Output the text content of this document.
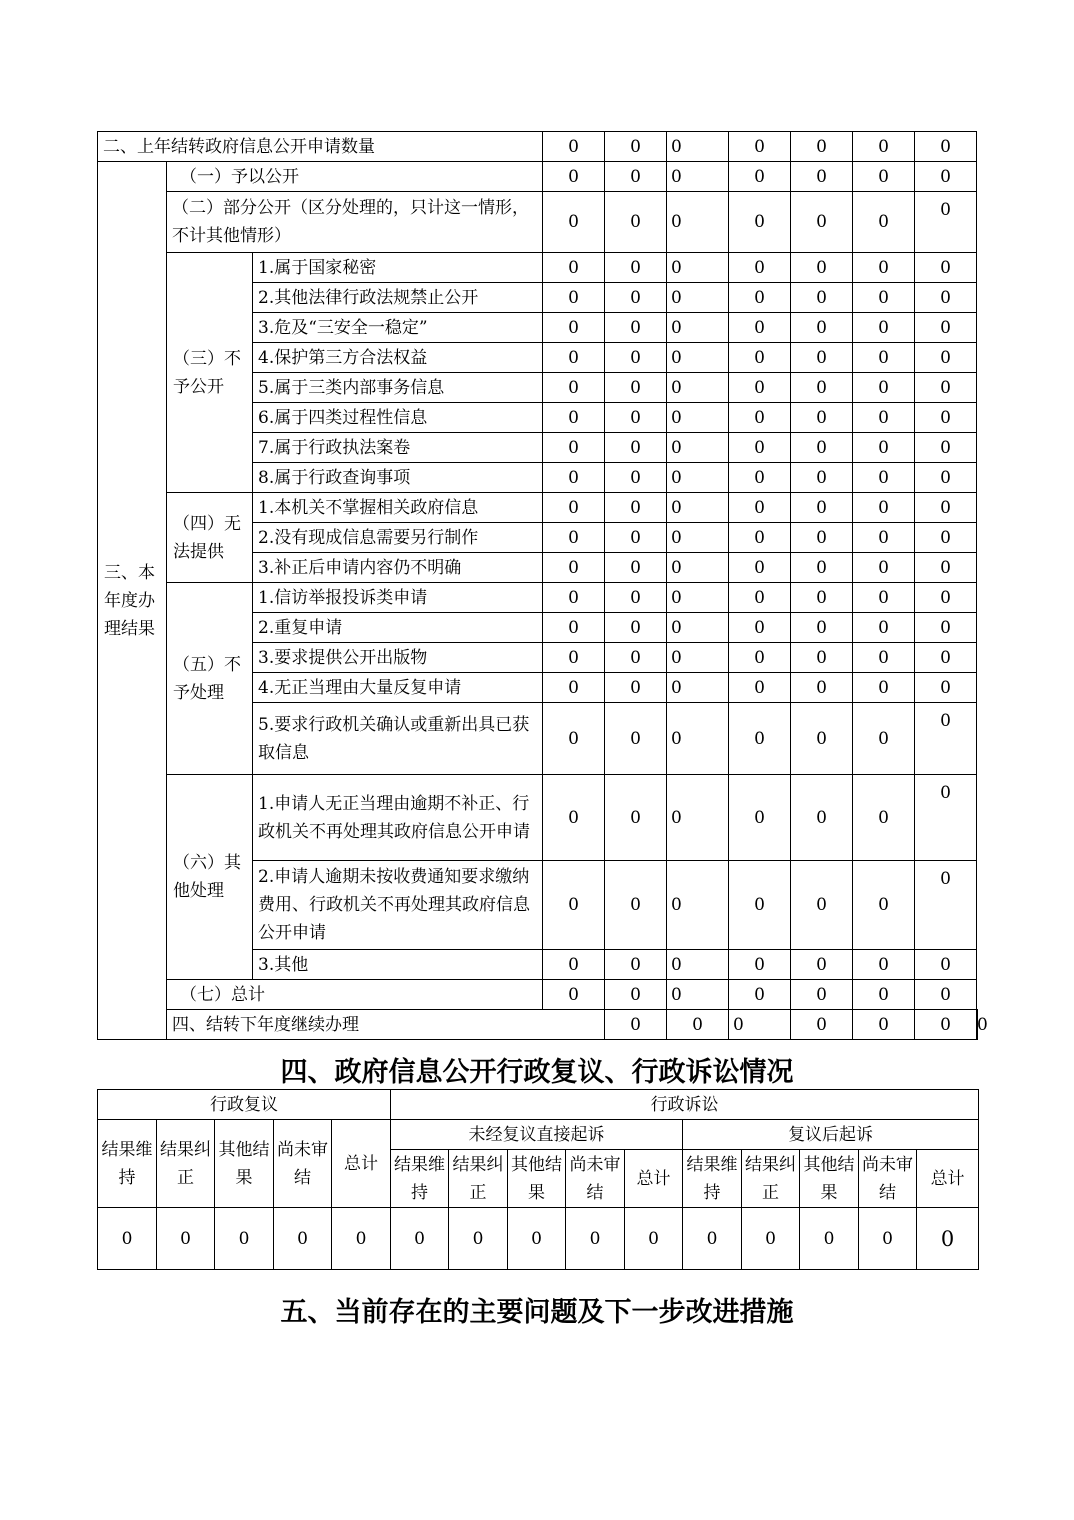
二、上年结转政府信息公开申请数量			0	0	0	0	0	0	0	
三、本年度办理结果	（一）予以公开		0	0	0	0	0	0	0	
	（二）部分公开（区分处理的，只计这一情形，不计其他情形）		0	0	0	0	0	0	0	
	（三）不予公开	1.属于国家秘密	0	0	0	0	0	0	0	
		2.其他法律行政法规禁止公开	0	0	0	0	0	0	0	
		3.危及“三安全一稳定”	0	0	0	0	0	0	0	
		4.保护第三方合法权益	0	0	0	0	0	0	0	
		5.属于三类内部事务信息	0	0	0	0	0	0	0	
		6.属于四类过程性信息	0	0	0	0	0	0	0	
		7.属于行政执法案卷	0	0	0	0	0	0	0	
		8.属于行政查询事项	0	0	0	0	0	0	0	
	（四）无法提供	1.本机关不掌握相关政府信息	0	0	0	0	0	0	0	
		2.没有现成信息需要另行制作	0	0	0	0	0	0	0	
		3.补正后申请内容仍不明确	0	0	0	0	0	0	0	
	（五）不予处理	1.信访举报投诉类申请	0	0	0	0	0	0	0	
		2.重复申请	0	0	0	0	0	0	0	
		3.要求提供公开出版物	0	0	0	0	0	0	0	
		4.无正当理由大量反复申请	0	0	0	0	0	0	0	
		5.要求行政机关确认或重新出具已获取信息	0	0	0	0	0	0	0	
	（六）其他处理	1.申请人无正当理由逾期不补正、行政机关不再处理其政府信息公开申请	0	0	0	0	0	0	0	
		2.申请人逾期未按收费通知要求缴纳费用、行政机关不再处理其政府信息公开申请	0	0	0	0	0	0	0	
		3.其他	0	0	0	0	0	0	0	
	（七）总计		0	0	0	0	0	0	0	
	四、结转下年度继续办理			0	0	0	0	0	0	0
四、政府信息公开行政复议、行政诉讼情况
行政复议					行政诉讼									
结果维持	结果纠正	其他结果	尚未审结	总计	未经复议直接起诉					复议后起诉				
					结果维持	结果纠正	其他结果	尚未审结	总计	结果维持	结果纠正	其他结果	尚未审结	总计
0	0	0	0	0	0	0	0	0	0	0	0	0	0	0
五、当前存在的主要问题及下一步改进措施
